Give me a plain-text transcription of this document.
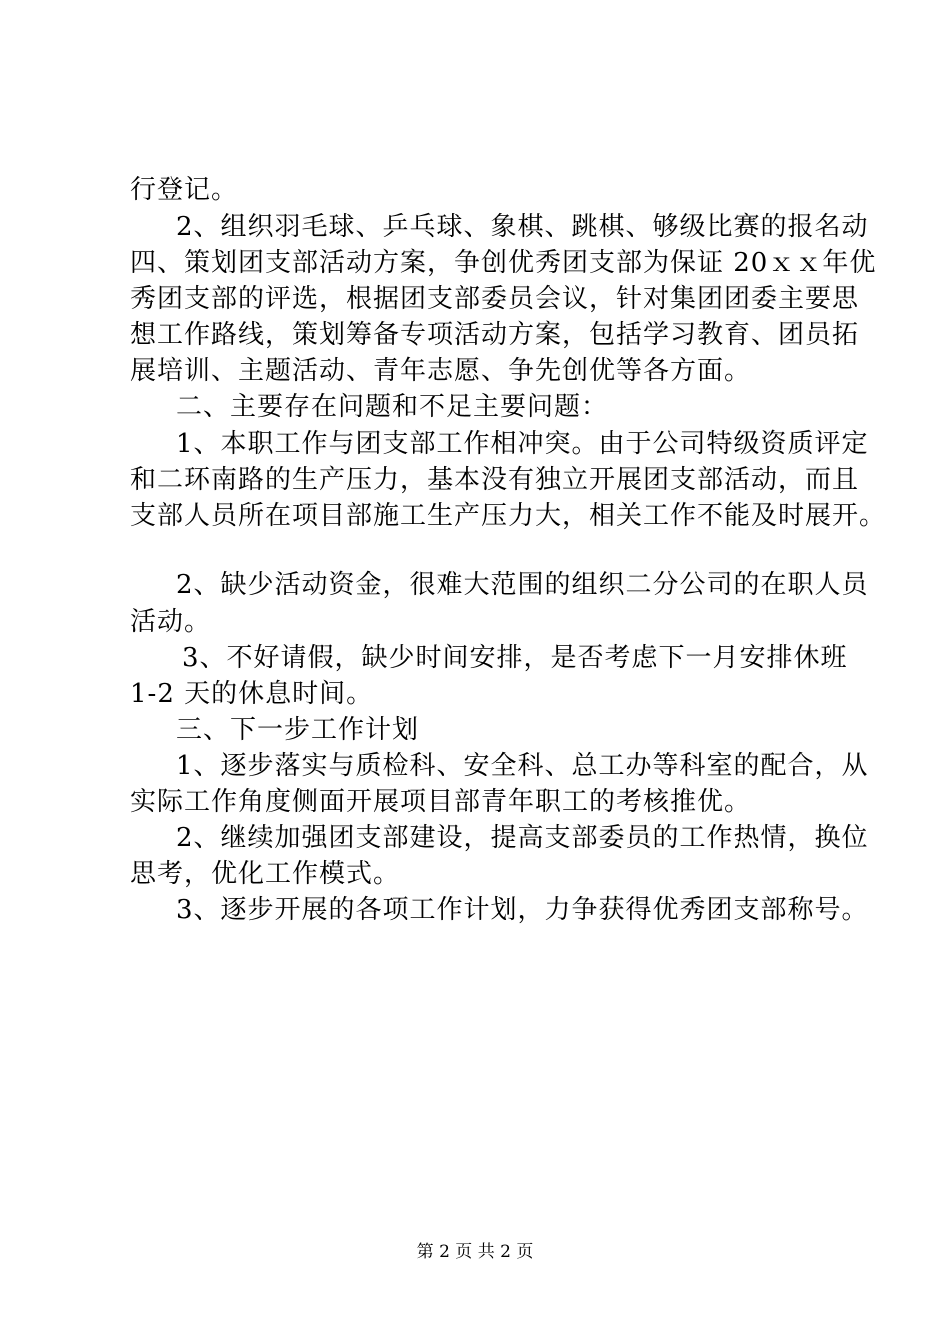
行登记。
2、组织羽毛球、乒乓球、象棋、跳棋、够级比赛的报名动
四、策划团支部活动方案，争创优秀团支部为保证 20ｘｘ年优
秀团支部的评选，根据团支部委员会议，针对集团团委主要思
想工作路线，策划筹备专项活动方案，包括学习教育、团员拓
展培训、主题活动、青年志愿、争先创优等各方面。
二、主要存在问题和不足主要问题：
1、本职工作与团支部工作相冲突。由于公司特级资质评定
和二环南路的生产压力，基本没有独立开展团支部活动，而且
支部人员所在项目部施工生产压力大，相关工作不能及时展开。
2、缺少活动资金，很难大范围的组织二分公司的在职人员
活动。
3、不好请假，缺少时间安排，是否考虑下一月安排休班
1-2 天的休息时间。
三、下一步工作计划
1、逐步落实与质检科、安全科、总工办等科室的配合，从
实际工作角度侧面开展项目部青年职工的考核推优。
2、继续加强团支部建设，提高支部委员的工作热情，换位
思考，优化工作模式。
3、逐步开展的各项工作计划，力争获得优秀团支部称号。
第 2 页 共 2 页
